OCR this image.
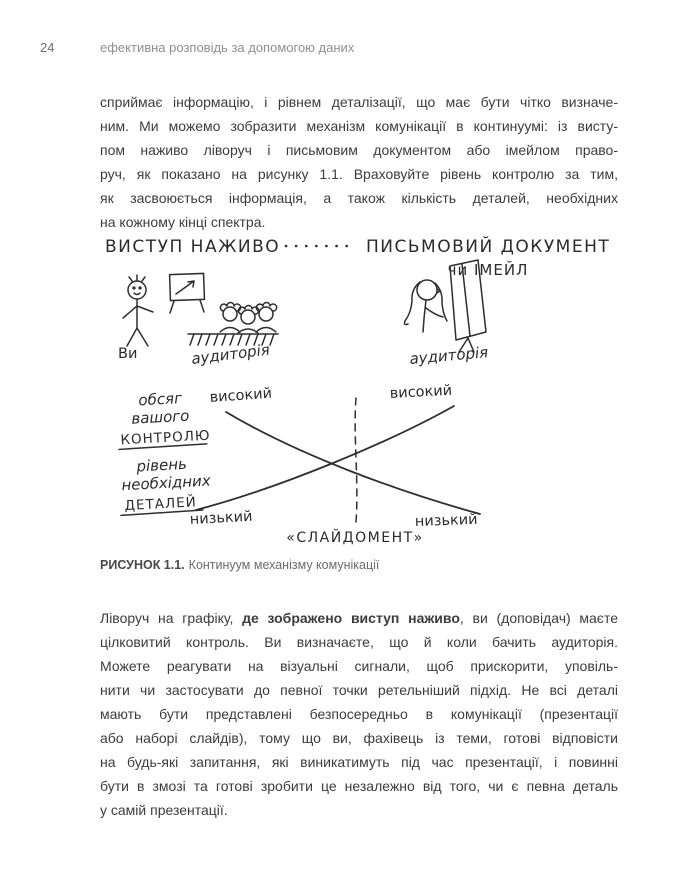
24	ефективна розповідь за допомогою даних
сприймає інформацію, і рівнем деталізації, що має бути чітко визначе-
ним. Ми можемо зобразити механізм комунікації в континуумі: із висту-
пом наживо ліворуч і письмовим документом або імейлом право-
руч, як показано на рисунку 1.1. Враховуйте рівень контролю за тим,
як засвоюється інформація, а також кількість деталей, необхідних
на кожному кінці спектра.
ВИСТУП НАЖИВО	ПИСЬМОВИЙ ДОКУМЕНТ
чи ІМЕЙЛ
Ви	аудиторія	аудиторія
обсяг
вашого
КОНТРОЛЮ
рівень
необхідних
ДЕТАЛЕЙ
високий	високий
низький	низький
«СЛАЙДОМЕНТ»
РИСУНОК 1.1. Континуум механізму комунікації
Ліворуч на графіку, де зображено виступ наживо, ви (доповідач) маєте
цілковитий контроль. Ви визначаєте, що й коли бачить аудиторія.
Можете реагувати на візуальні сигнали, щоб прискорити, уповіль-
нити чи застосувати до певної точки ретельніший підхід. Не всі деталі
мають бути представлені безпосередньо в комунікації (презентації
або наборі слайдів), тому що ви, фахівець із теми, готові відповісти
на будь-які запитання, які виникатимуть під час презентації, і повинні
бути в змозі та готові зробити це незалежно від того, чи є певна деталь
у самій презентації.
